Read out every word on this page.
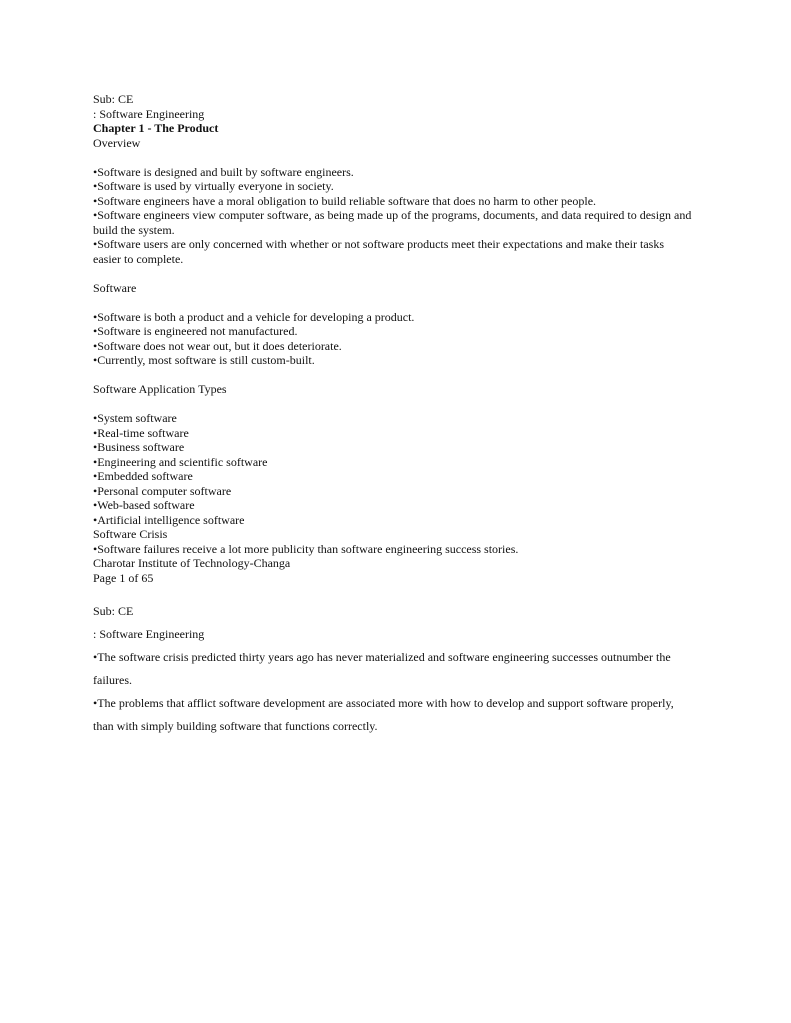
Sub: CE
: Software Engineering
Chapter 1 - The Product
Overview
•Software is designed and built by software engineers.
•Software is used by virtually everyone in society.
•Software engineers have a moral obligation to build reliable software that does no harm to other people.
•Software engineers view computer software, as being made up of the programs, documents, and data required to design and build the system.
•Software users are only concerned with whether or not software products meet their expectations and make their tasks easier to complete.
Software
•Software is both a product and a vehicle for developing a product.
•Software is engineered not manufactured.
•Software does not wear out, but it does deteriorate.
•Currently, most software is still custom-built.
Software Application Types
•System software
•Real-time software
•Business software
•Engineering and scientific software
•Embedded software
•Personal computer software
•Web-based software
•Artificial intelligence software
Software Crisis
•Software failures receive a lot more publicity than software engineering success stories.
Charotar Institute of Technology-Changa
Page 1 of 65
Sub: CE
: Software Engineering
•The software crisis predicted thirty years ago has never materialized and software engineering successes outnumber the failures.
•The problems that afflict software development are associated more with how to develop and support software properly, than with simply building software that functions correctly.
